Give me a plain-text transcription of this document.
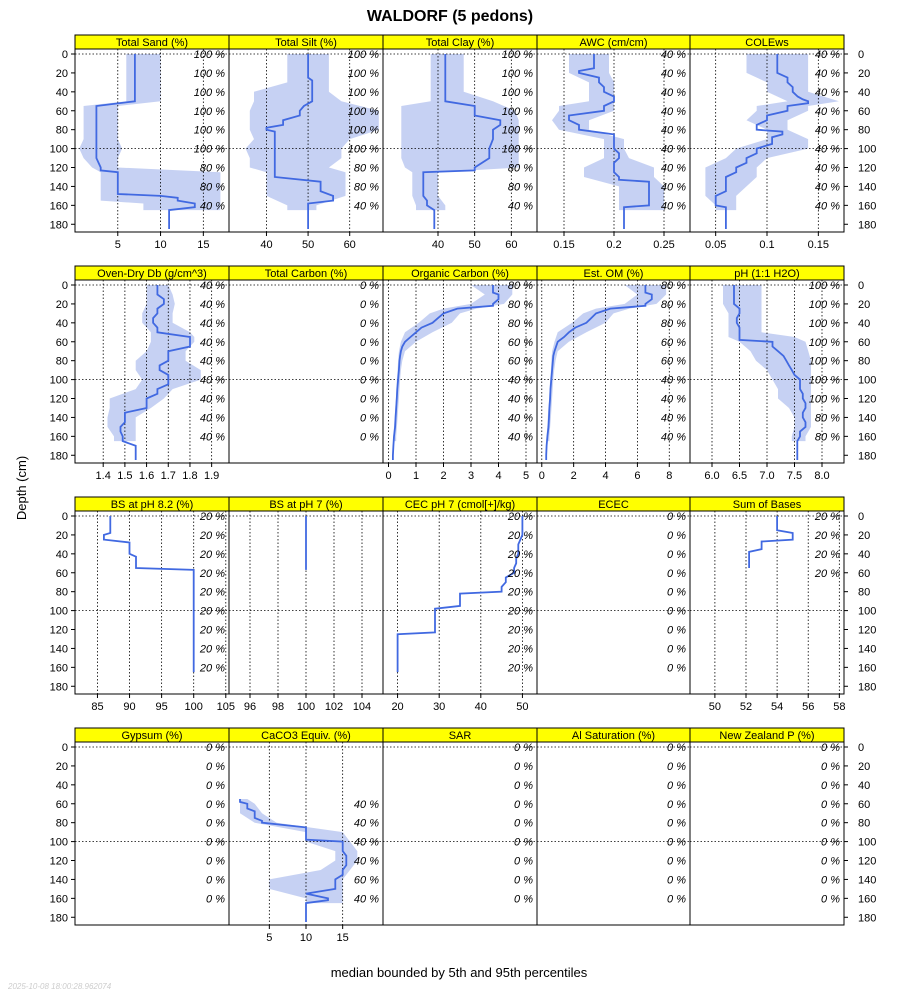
WALDORF (5 pedons)
Total Sand (%)
100 %
100 %
100 %
100 %
100 %
100 %
80 %
80 %
40 %
5	10	15
0
20
40
60
80
100
120
140
160
180
Total Silt (%)
100 %
100 %
100 %
100 %
100 %
100 %
80 %
80 %
40 %
40	50	60
Total Clay (%)
100 %
100 %
100 %
100 %
100 %
100 %
80 %
80 %
40 %
40 50 60
AWC (cm/cm)
40 %
40 %
40 %
40 %
40 %
40 %
40 %
40 %
40 %
0.15	0.2	0.25
COLEws
40 %
40 %
40 %
40 %
40 %
40 %
40 %
40 %
40 %
0.05	0.1	0.15
0
20
40
60
80
100
120
140
160
180
Oven-Dry Db (g/cm^3)
40 %
40 %
40 %
40 %
40 %
40 %
40 %
40 %
40 %
1.4 1.5 1.6 1.7 1.8 1.9
0
20
40
60
80
100
120
140
160
180
Total Carbon (%)
0 %
0 %
0 %
0 %
0 %
0 %
0 %
0 %
0 %
Organic Carbon (%)
80 %
80 %
80 %
60 %
60 %
40 %
40 %
40 %
40 %
0 1 2 3 4 5
Est. OM (%)
80 %
80 %
80 %
60 %
60 %
40 %
40 %
40 %
40 %
0 2 4 6 8
pH (1:1 H2O)
100 %
100 %
100 %
100 %
100 %
100 %
100 %
80 %
80 %
6.0 6.5 7.0 7.5 8.0
0
20
40
60
80
100
120
140
160
180
BS at pH 8.2 (%)
20 %
20 %
20 %
20 %
20 %
20 %
20 %
20 %
20 %
85 90 95 100 105
0
20
40
60
80
100
120
140
160
180
BS at pH 7 (%)
96 98 100 102 104
CEC pH 7 (cmol[+]/kg)
20 %
20 %
20 %
20 %
20 %
20 %
20 %
20 %
20 %
20	30	40	50
ECEC
0 %
0 %
0 %
0 %
0 %
0 %
0 %
0 %
0 %
Sum of Bases
20 %
20 %
20 %
20 %
50 52 54 56 58
0
20
40
60
80
100
120
140
160
180
Gypsum (%)
0 %
0 %
0 %
0 %
0 %
0 %
0 %
0 %
0 %
0
20
40
60
80
100
120
140
160
180
CaCO3 Equiv. (%)
40 %
40 %
40 %
40 %
60 %
40 %
5 10 15
SAR
0 %
0 %
0 %
0 %
0 %
0 %
0 %
0 %
0 %
Al Saturation (%)
0 %
0 %
0 %
0 %
0 %
0 %
0 %
0 %
0 %
New Zealand P (%)
0 %
0 %
0 %
0 %
0 %
0 %
0 %
0 %
0 %
0
20
40
60
80
100
120
140
160
180
median bounded by 5th and 95th percentiles
Depth (cm)
2025-10-08 18:00:28.962074
